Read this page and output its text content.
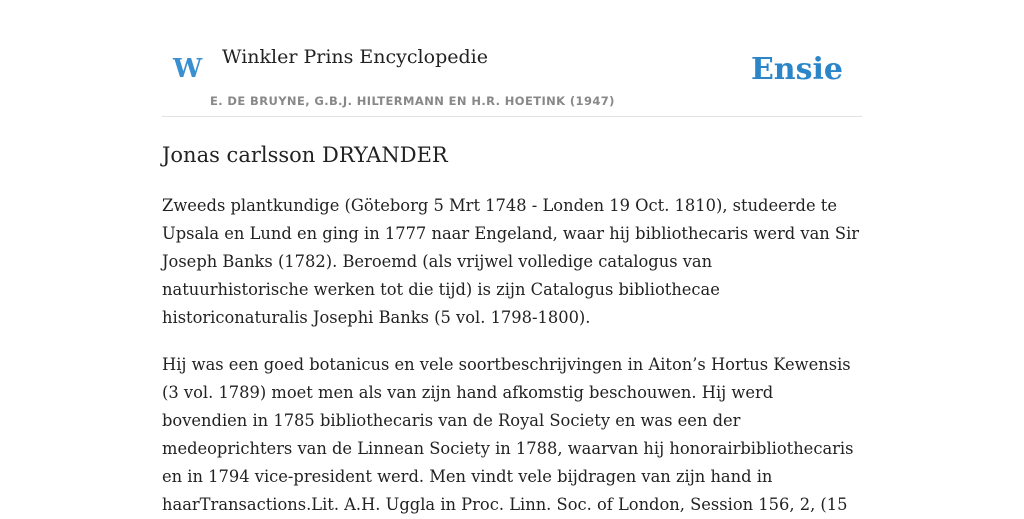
W Winkler Prins Encyclopedie
E. DE BRUYNE, G.B.J. HILTERMANN EN H.R. HOETINK (1947)
Ensie
Jonas carlsson DRYANDER

Zweeds plantkundige (Göteborg 5 Mrt 1748 - Londen 19 Oct. 1810), studeerde te Upsala en Lund en ging in 1777 naar Engeland, waar hij bibliothecaris werd van Sir Joseph Banks (1782). Beroemd (als vrijwel volledige catalogus van natuurhistorische werken tot die tijd) is zijn Catalogus bibliothecae historiconaturalis Josephi Banks (5 vol. 1798-1800).

Hij was een goed botanicus en vele soortbeschrijvingen in Aiton’s Hortus Kewensis (3 vol. 1789) moet men als van zijn hand afkomstig beschouwen. Hij werd bovendien in 1785 bibliothecaris van de Royal Society en was een der medeoprichters van de Linnean Society in 1788, waarvan hij honorairbibliothecaris en in 1794 vice-president werd. Men vindt vele bijdragen van zijn hand in haarTransactions.Lit. A.H. Uggla in Proc. Linn. Soc. of London, Session 156, 2, (15
